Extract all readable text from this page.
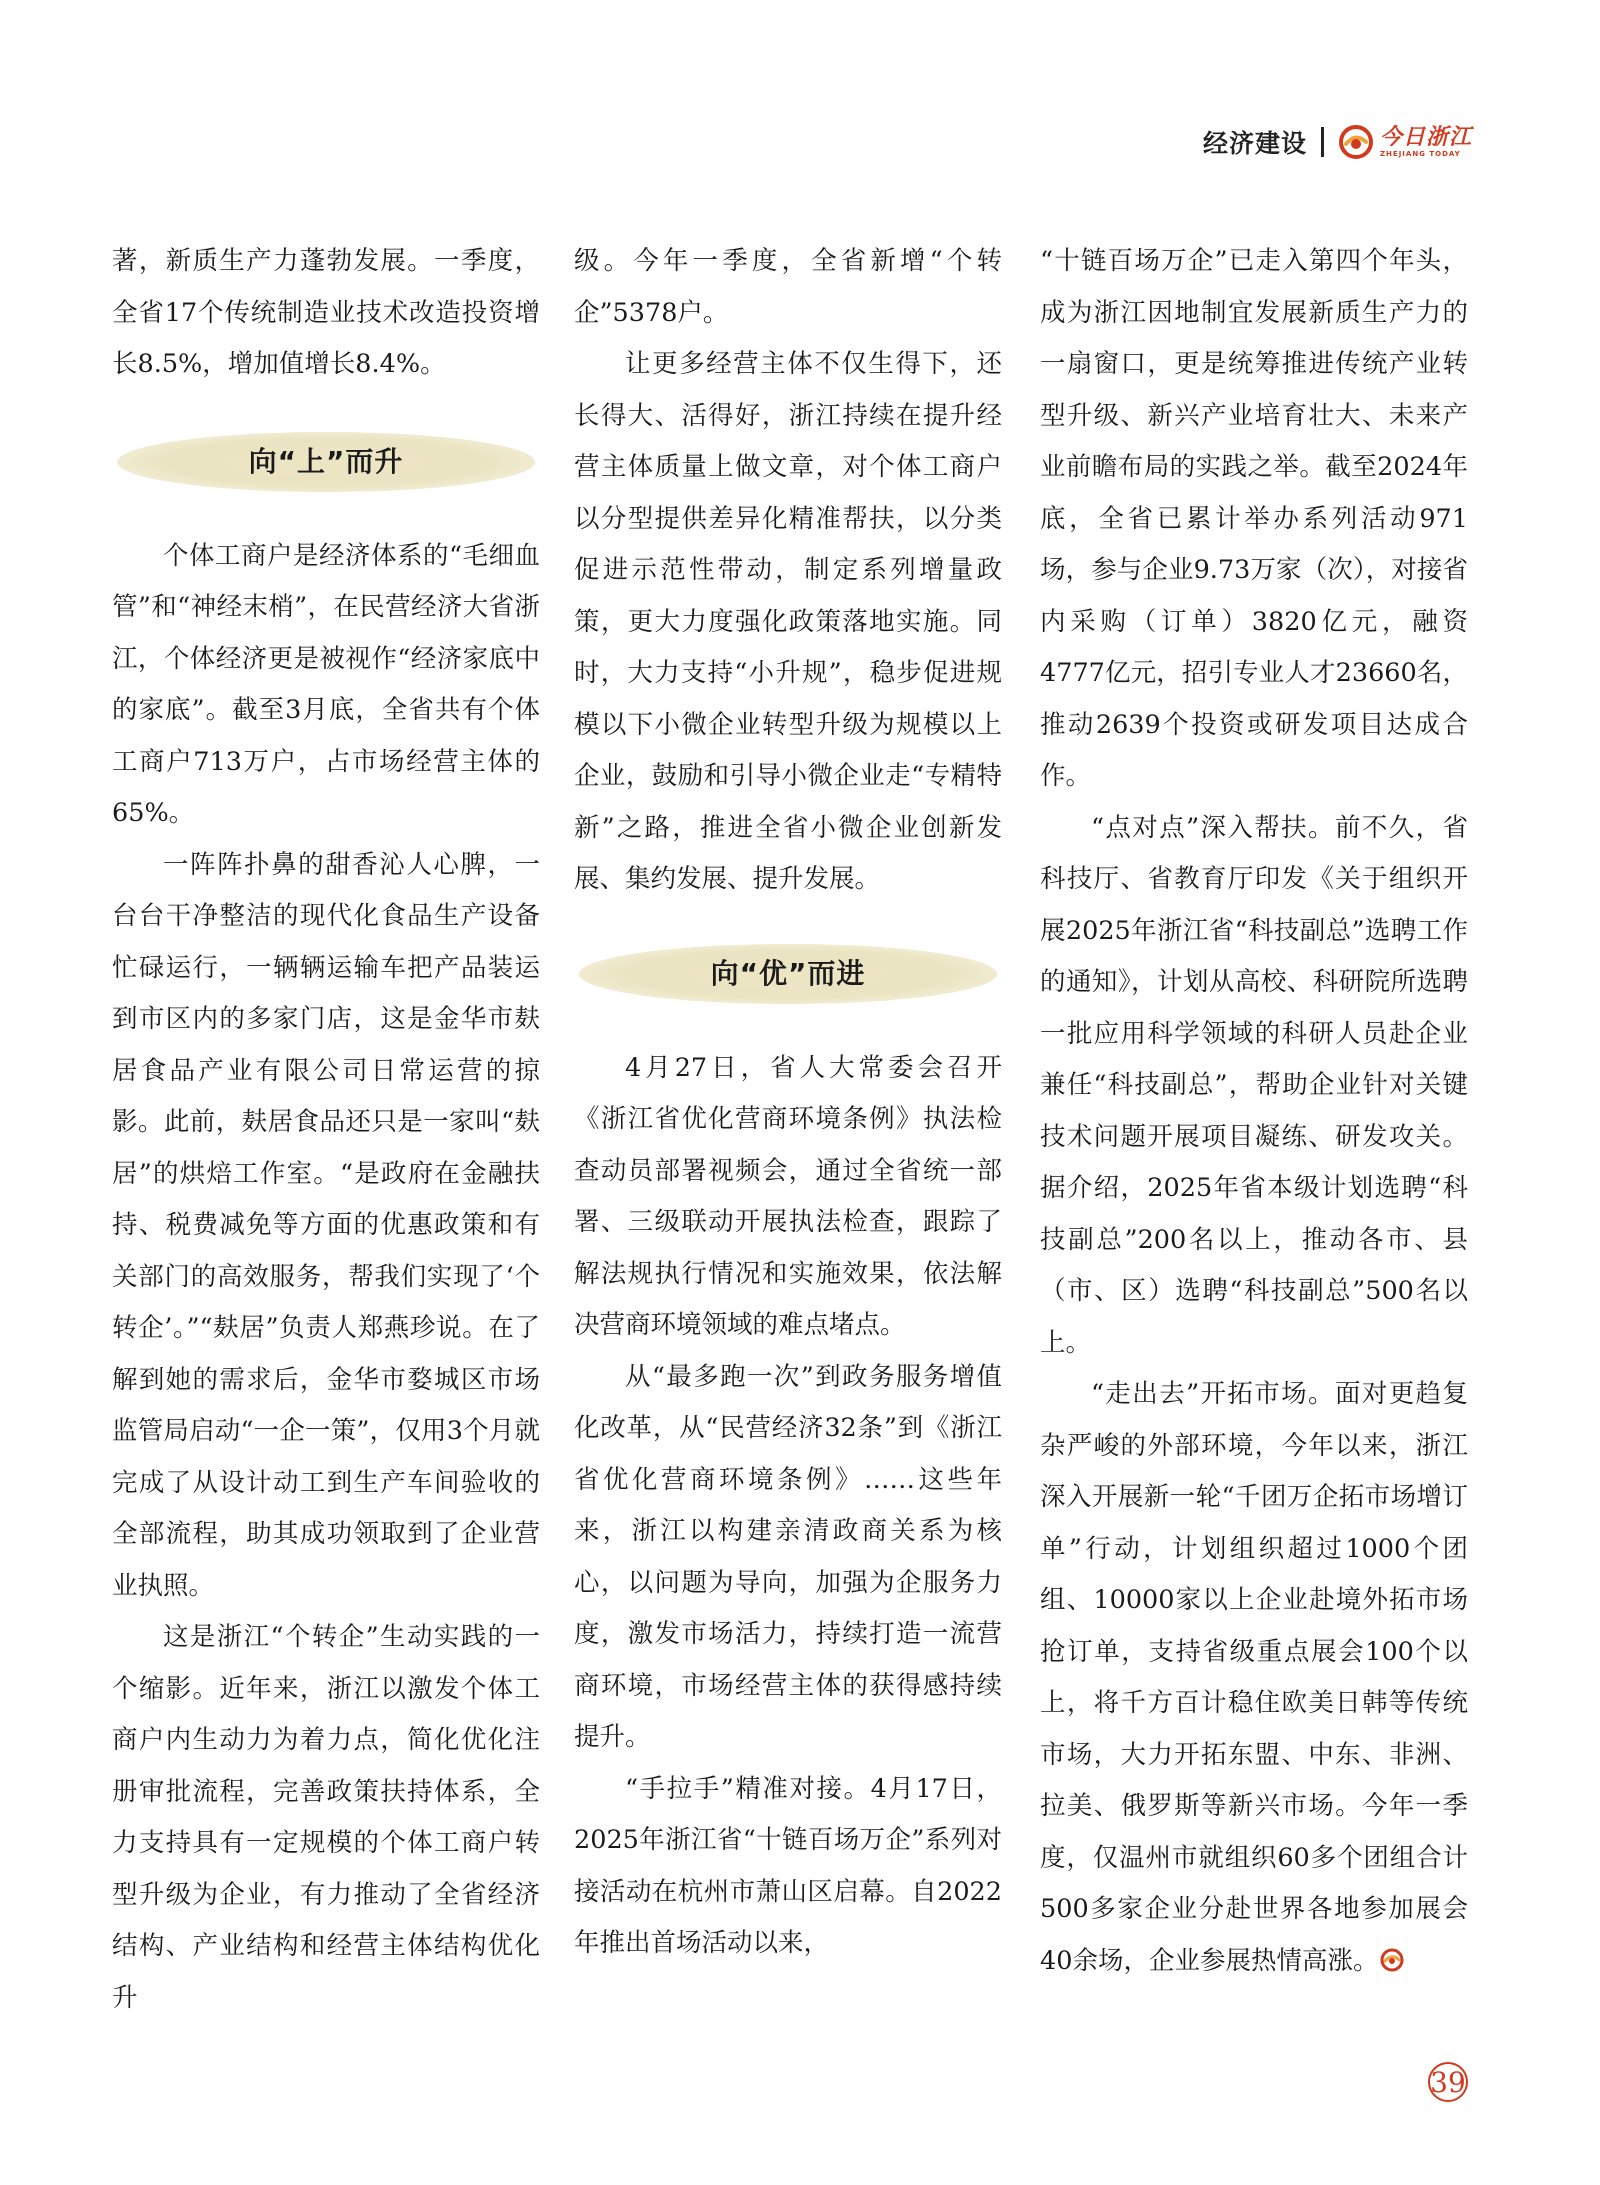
经济建设	今日浙江
ZHEJIANG TODAY

著，新质生产力蓬勃发展。一季度，全省17个传统制造业技术改造投资增长8.5%，增加值增长8.4%。

向“上”而升

个体工商户是经济体系的“毛细血管”和“神经末梢”，在民营经济大省浙江，个体经济更是被视作“经济家底中的家底”。截至3月底，全省共有个体工商户713万户，占市场经营主体的65%。

一阵阵扑鼻的甜香沁人心脾，一台台干净整洁的现代化食品生产设备忙碌运行，一辆辆运输车把产品装运到市区内的多家门店，这是金华市麸居食品产业有限公司日常运营的掠影。此前，麸居食品还只是一家叫“麸居”的烘焙工作室。“是政府在金融扶持、税费减免等方面的优惠政策和有关部门的高效服务，帮我们实现了‘个转企’。”“麸居”负责人郑燕珍说。在了解到她的需求后，金华市婺城区市场监管局启动“一企一策”，仅用3个月就完成了从设计动工到生产车间验收的全部流程，助其成功领取到了企业营业执照。

这是浙江“个转企”生动实践的一个缩影。近年来，浙江以激发个体工商户内生动力为着力点，简化优化注册审批流程，完善政策扶持体系，全力支持具有一定规模的个体工商户转型升级为企业，有力推动了全省经济结构、产业结构和经营主体结构优化升

级。今年一季度，全省新增“个转企”5378户。

让更多经营主体不仅生得下，还长得大、活得好，浙江持续在提升经营主体质量上做文章，对个体工商户以分型提供差异化精准帮扶，以分类促进示范性带动，制定系列增量政策，更大力度强化政策落地实施。同时，大力支持“小升规”，稳步促进规模以下小微企业转型升级为规模以上企业，鼓励和引导小微企业走“专精特新”之路，推进全省小微企业创新发展、集约发展、提升发展。

向“优”而进

4月27日，省人大常委会召开《浙江省优化营商环境条例》执法检查动员部署视频会，通过全省统一部署、三级联动开展执法检查，跟踪了解法规执行情况和实施效果，依法解决营商环境领域的难点堵点。

从“最多跑一次”到政务服务增值化改革，从“民营经济32条”到《浙江省优化营商环境条例》……这些年来，浙江以构建亲清政商关系为核心，以问题为导向，加强为企服务力度，激发市场活力，持续打造一流营商环境，市场经营主体的获得感持续提升。

“手拉手”精准对接。4月17日，2025年浙江省“十链百场万企”系列对接活动在杭州市萧山区启幕。自2022年推出首场活动以来，

“十链百场万企”已走入第四个年头，成为浙江因地制宜发展新质生产力的一扇窗口，更是统筹推进传统产业转型升级、新兴产业培育壮大、未来产业前瞻布局的实践之举。截至2024年底，全省已累计举办系列活动971场，参与企业9.73万家（次），对接省内采购（订单）3820亿元，融资4777亿元，招引专业人才23660名，推动2639个投资或研发项目达成合作。

“点对点”深入帮扶。前不久，省科技厅、省教育厅印发《关于组织开展2025年浙江省“科技副总”选聘工作的通知》，计划从高校、科研院所选聘一批应用科学领域的科研人员赴企业兼任“科技副总”，帮助企业针对关键技术问题开展项目凝练、研发攻关。据介绍，2025年省本级计划选聘“科技副总”200名以上，推动各市、县（市、区）选聘“科技副总”500名以上。

“走出去”开拓市场。面对更趋复杂严峻的外部环境，今年以来，浙江深入开展新一轮“千团万企拓市场增订单”行动，计划组织超过1000个团组、10000家以上企业赴境外拓市场抢订单，支持省级重点展会100个以上，将千方百计稳住欧美日韩等传统市场，大力开拓东盟、中东、非洲、拉美、俄罗斯等新兴市场。今年一季度，仅温州市就组织60多个团组合计500多家企业分赴世界各地参加展会40余场，企业参展热情高涨。

39
